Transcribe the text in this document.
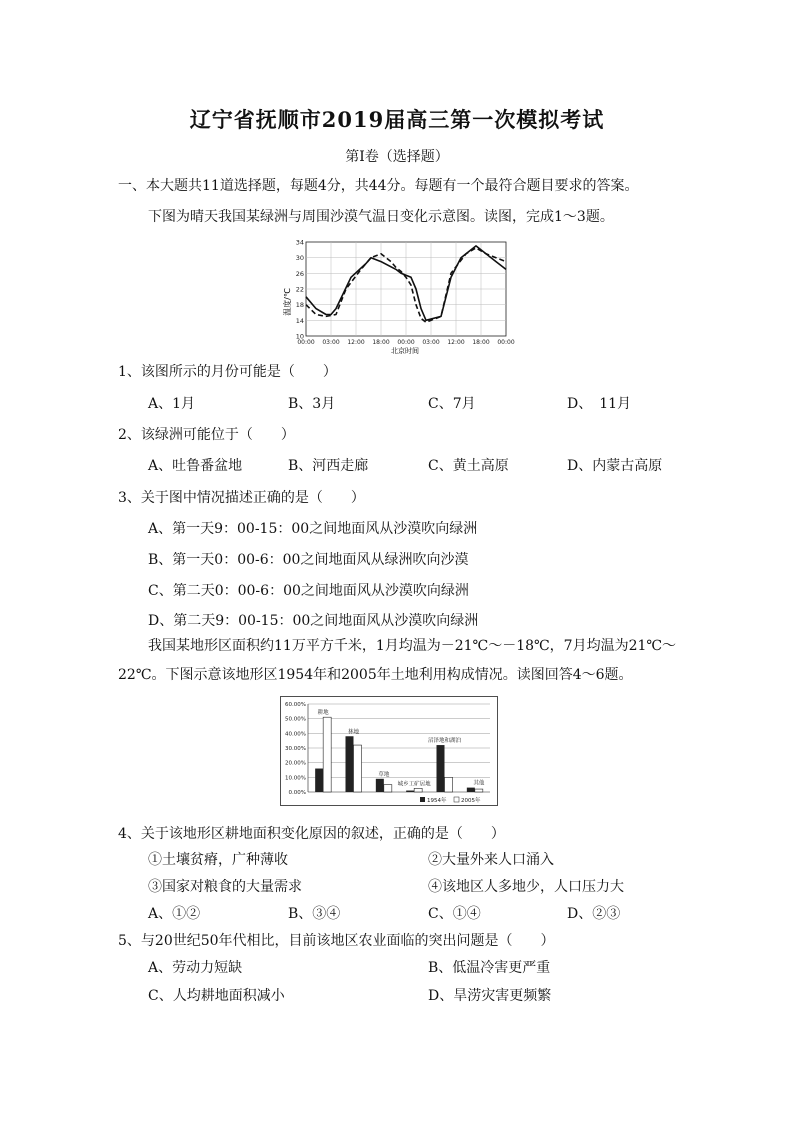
辽宁省抚顺市2019届高三第一次模拟考试
第Ⅰ卷（选择题）
一、本大题共11道选择题，每题4分，共44分。每题有一个最符合题目要求的答案。
下图为晴天我国某绿洲与周围沙漠气温日变化示意图。读图，完成1～3题。
温度/℃
北京时间
10
14
18
22
26
30
34
00:00 03:00 12:00 18:00 00:00 03:00 12:00 18:00 00:00
1、该图所示的月份可能是（　　）
A、1月	B、3月	C、7月	D、　11月
2、该绿洲可能位于（　　）
A、吐鲁番盆地	B、河西走廊	C、黄土高原	D、内蒙古高原
3、关于图中情况描述正确的是（　　）
A、第一天9：00-15：00之间地面风从沙漠吹向绿洲
B、第一天0：00-6：00之间地面风从绿洲吹向沙漠
C、第二天0：00-6：00之间地面风从沙漠吹向绿洲
D、第二天9：00-15：00之间地面风从沙漠吹向绿洲
我国某地形区面积约11万平方千米，1月均温为－21℃～－18℃，7月均温为21℃～
22℃。下图示意该地形区1954年和2005年土地利用构成情况。读图回答4～6题。
0.00%
10.00%
20.00%
30.00%
40.00%
50.00%
60.00%
耕地
林地
草地
城乡工矿居地
沼泽地和湖泊
其他
1954年	2005年
4、关于该地形区耕地面积变化原因的叙述，正确的是（　　）
①土壤贫瘠，广种薄收	②大量外来人口涌入
③国家对粮食的大量需求	④该地区人多地少，人口压力大
A、①②	B、③④	C、①④	D、②③
5、与20世纪50年代相比，目前该地区农业面临的突出问题是（　　）
A、劳动力短缺	B、低温冷害更严重
C、人均耕地面积减小	D、旱涝灾害更频繁
